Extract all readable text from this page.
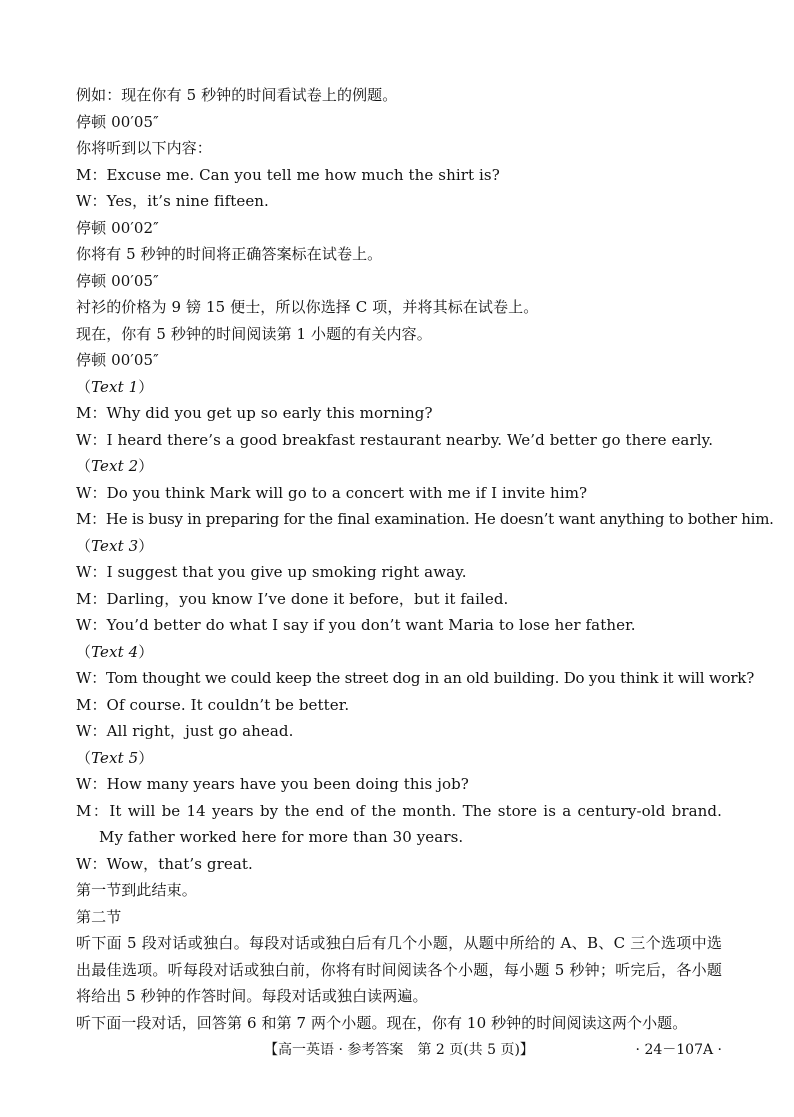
例如：现在你有 5 秒钟的时间看试卷上的例题。
停顿 00′05″
你将听到以下内容：
M：Excuse me. Can you tell me how much the shirt is?
W：Yes，it’s nine fifteen.
停顿 00′02″
你将有 5 秒钟的时间将正确答案标在试卷上。
停顿 00′05″
衬衫的价格为 9 镑 15 便士，所以你选择 C 项，并将其标在试卷上。
现在，你有 5 秒钟的时间阅读第 1 小题的有关内容。
停顿 00′05″
（Text 1）
M：Why did you get up so early this morning?
W：I heard there’s a good breakfast restaurant nearby. We’d better go there early.
（Text 2）
W：Do you think Mark will go to a concert with me if I invite him?
M：He is busy in preparing for the final examination. He doesn’t want anything to bother him.
（Text 3）
W：I suggest that you give up smoking right away.
M：Darling，you know I’ve done it before，but it failed.
W：You’d better do what I say if you don’t want Maria to lose her father.
（Text 4）
W：Tom thought we could keep the street dog in an old building. Do you think it will work?
M：Of course. It couldn’t be better.
W：All right，just go ahead.
（Text 5）
W：How many years have you been doing this job?
M：It will be 14 years by the end of the month. The store is a century-old brand. My father worked here for more than 30 years.
W：Wow，that’s great.
第一节到此结束。
第二节
听下面 5 段对话或独白。每段对话或独白后有几个小题，从题中所给的 A、B、C 三个选项中选出最佳选项。听每段对话或独白前，你将有时间阅读各个小题，每小题 5 秒钟；听完后，各小题将给出 5 秒钟的作答时间。每段对话或独白读两遍。
听下面一段对话，回答第 6 和第 7 两个小题。现在，你有 10 秒钟的时间阅读这两个小题。
【高一英语 · 参考答案　第 2 页(共 5 页)】	· 24－107A ·
